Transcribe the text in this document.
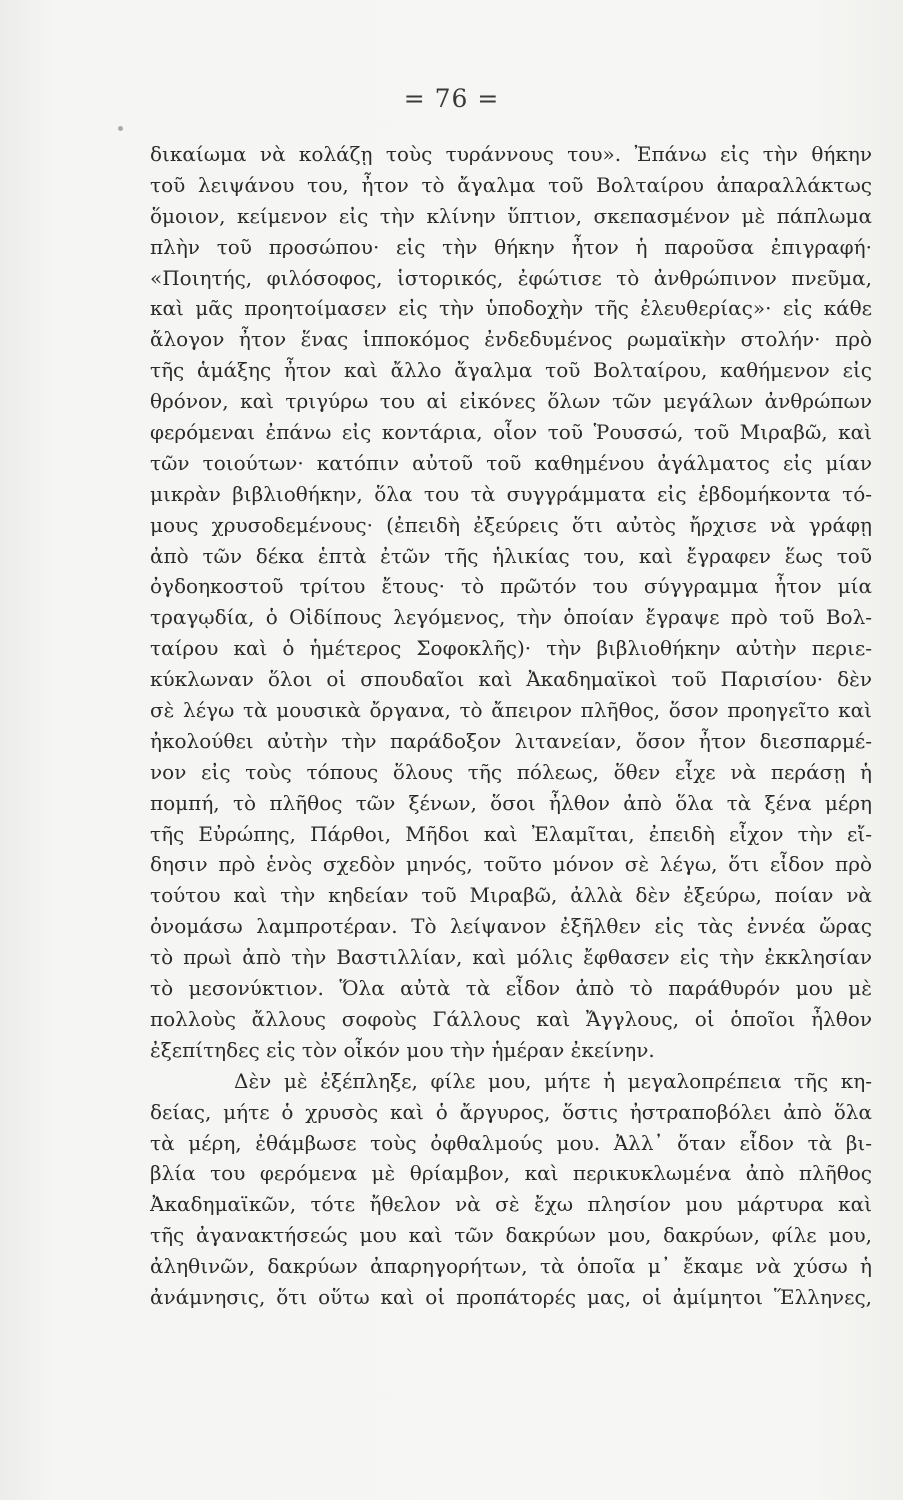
= 76 =
δικαίωμα νὰ κολάζῃ τοὺς τυράννους του». Ἐπάνω εἰς τὴν θήκην
τοῦ λειψάνου του, ἦτον τὸ ἄγαλμα τοῦ Βολταίρου ἀπαραλλάκτως
ὅμοιον, κείμενον εἰς τὴν κλίνην ὕπτιον, σκεπασμένον μὲ πάπλωμα
πλὴν τοῦ προσώπου· εἰς τὴν θήκην ἦτον ἡ παροῦσα ἐπιγραφή·
«Ποιητής, φιλόσοφος, ἱστορικός, ἐφώτισε τὸ ἀνθρώπινον πνεῦμα,
καὶ μᾶς προητοίμασεν εἰς τὴν ὑποδοχὴν τῆς ἐλευθερίας»· εἰς κάθε
ἄλογον ἦτον ἕνας ἱπποκόμος ἐνδεδυμένος ρωμαϊκὴν στολήν· πρὸ
τῆς ἁμάξης ἦτον καὶ ἄλλο ἄγαλμα τοῦ Βολταίρου, καθήμενον εἰς
θρόνον, καὶ τριγύρω του αἱ εἰκόνες ὅλων τῶν μεγάλων ἀνθρώπων
φερόμεναι ἐπάνω εἰς κοντάρια, οἷον τοῦ Ῥουσσώ, τοῦ Μιραβῶ, καὶ
τῶν τοιούτων· κατόπιν αὐτοῦ τοῦ καθημένου ἀγάλματος εἰς μίαν
μικρὰν βιβλιοθήκην, ὅλα του τὰ συγγράμματα εἰς ἑβδομήκοντα τό-
μους χρυσοδεμένους· (ἐπειδὴ ἐξεύρεις ὅτι αὐτὸς ἤρχισε νὰ γράφῃ
ἀπὸ τῶν δέκα ἑπτὰ ἐτῶν τῆς ἡλικίας του, καὶ ἔγραφεν ἕως τοῦ
ὀγδοηκοστοῦ τρίτου ἔτους· τὸ πρῶτόν του σύγγραμμα ἦτον μία
τραγῳδία, ὁ Οἰδίπους λεγόμενος, τὴν ὁποίαν ἔγραψε πρὸ τοῦ Βολ-
ταίρου καὶ ὁ ἡμέτερος Σοφοκλῆς)· τὴν βιβλιοθήκην αὐτὴν περιε-
κύκλωναν ὅλοι οἱ σπουδαῖοι καὶ Ἀκαδημαϊκοὶ τοῦ Παρισίου· δὲν
σὲ λέγω τὰ μουσικὰ ὄργανα, τὸ ἄπειρον πλῆθος, ὅσον προηγεῖτο καὶ
ἠκολούθει αὐτὴν τὴν παράδοξον λιτανείαν, ὅσον ἦτον διεσπαρμέ-
νον εἰς τοὺς τόπους ὅλους τῆς πόλεως, ὅθεν εἶχε νὰ περάσῃ ἡ
πομπή, τὸ πλῆθος τῶν ξένων, ὅσοι ἦλθον ἀπὸ ὅλα τὰ ξένα μέρη
τῆς Εὐρώπης, Πάρθοι, Μῆδοι καὶ Ἐλαμῖται, ἐπειδὴ εἶχον τὴν εἴ-
δησιν πρὸ ἑνὸς σχεδὸν μηνός, τοῦτο μόνον σὲ λέγω, ὅτι εἶδον πρὸ
τούτου καὶ τὴν κηδείαν τοῦ Μιραβῶ, ἀλλὰ δὲν ἐξεύρω, ποίαν νὰ
ὀνομάσω λαμπροτέραν. Τὸ λείψανον ἐξῆλθεν εἰς τὰς ἐννέα ὥρας
τὸ πρωὶ ἀπὸ τὴν Βαστιλλίαν, καὶ μόλις ἔφθασεν εἰς τὴν ἐκκλησίαν
τὸ μεσονύκτιον. Ὅλα αὐτὰ τὰ εἶδον ἀπὸ τὸ παράθυρόν μου μὲ
πολλοὺς ἄλλους σοφοὺς Γάλλους καὶ Ἄγγλους, οἱ ὁποῖοι ἦλθον
ἐξεπίτηδες εἰς τὸν οἶκόν μου τὴν ἡμέραν ἐκείνην.
Δὲν μὲ ἐξέπληξε, φίλε μου, μήτε ἡ μεγαλοπρέπεια τῆς κη-
δείας, μήτε ὁ χρυσὸς καὶ ὁ ἄργυρος, ὅστις ἠστραποβόλει ἀπὸ ὅλα
τὰ μέρη, ἐθάμβωσε τοὺς ὀφθαλμούς μου. Ἀλλ᾽ ὅταν εἶδον τὰ βι-
βλία του φερόμενα μὲ θρίαμβον, καὶ περικυκλωμένα ἀπὸ πλῆθος
Ἀκαδημαϊκῶν, τότε ἤθελον νὰ σὲ ἔχω πλησίον μου μάρτυρα καὶ
τῆς ἀγανακτήσεώς μου καὶ τῶν δακρύων μου, δακρύων, φίλε μου,
ἀληθινῶν, δακρύων ἀπαρηγορήτων, τὰ ὁποῖα μ᾽ ἔκαμε νὰ χύσω ἡ
ἀνάμνησις, ὅτι οὕτω καὶ οἱ προπάτορές μας, οἱ ἀμίμητοι Ἕλληνες,
